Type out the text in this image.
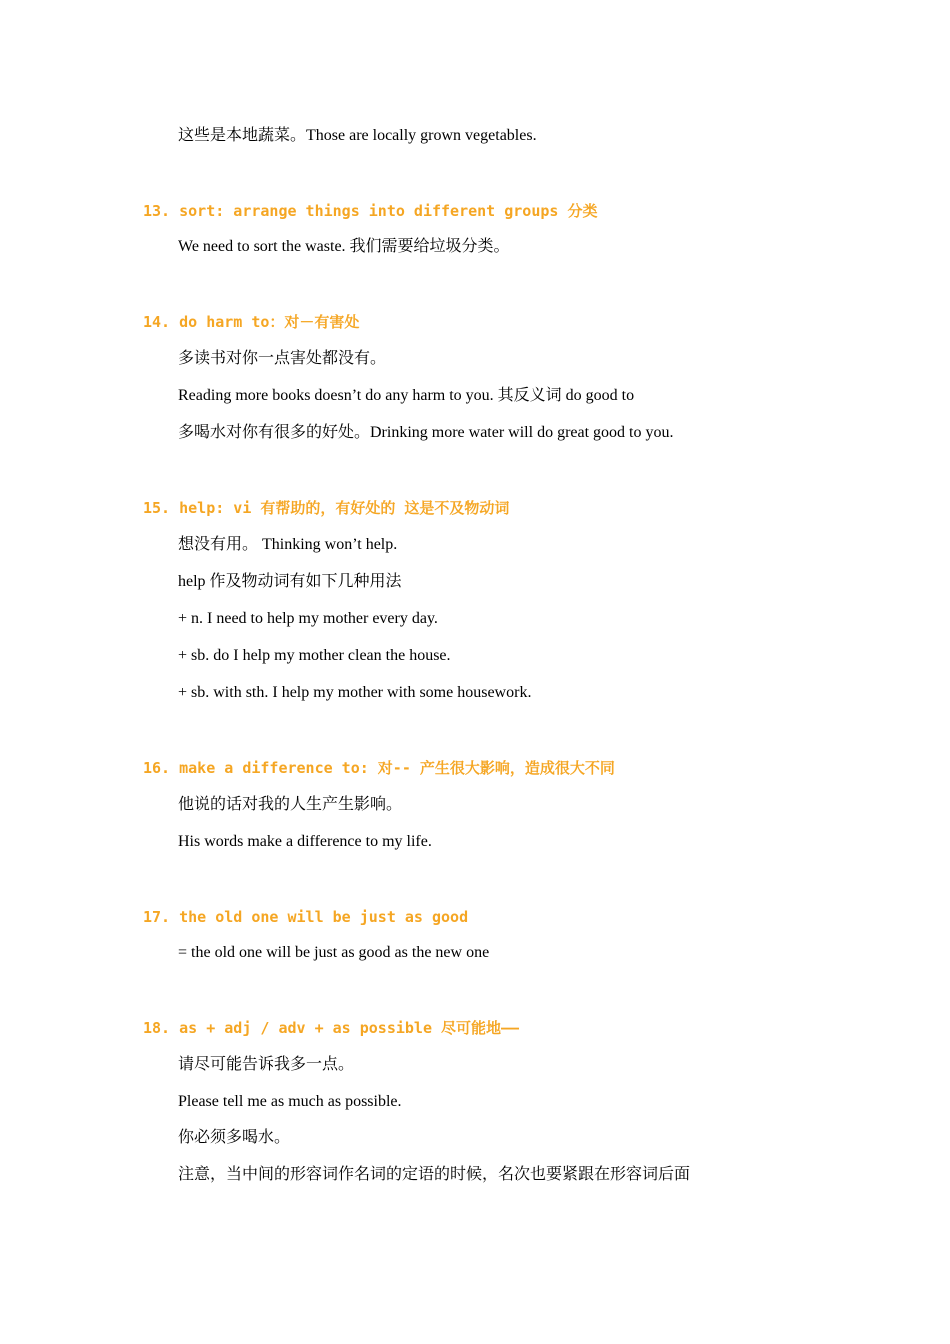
这些是本地蔬菜。Those are locally grown vegetables.
13. sort: arrange things into different groups 分类
We need to sort the waste. 我们需要给垃圾分类。
14. do harm to：对－有害处
多读书对你一点害处都没有。
Reading more books doesn’t do any harm to you. 其反义词 do good to
多喝水对你有很多的好处。Drinking more water will do great good to you.
15. help: vi 有帮助的，有好处的 这是不及物动词
想没有用。 Thinking won’t help.
help 作及物动词有如下几种用法
+ n. I need to help my mother every day.
+ sb. do I help my mother clean the house.
+ sb. with sth. I help my mother with some housework.
16. make a difference to: 对-- 产生很大影响，造成很大不同
他说的话对我的人生产生影响。
His words make a difference to my life.
17. the old one will be just as good
= the old one will be just as good as the new one
18. as + adj / adv + as possible 尽可能地——
请尽可能告诉我多一点。
Please tell me as much as possible.
你必须多喝水。
注意，当中间的形容词作名词的定语的时候，名次也要紧跟在形容词后面
